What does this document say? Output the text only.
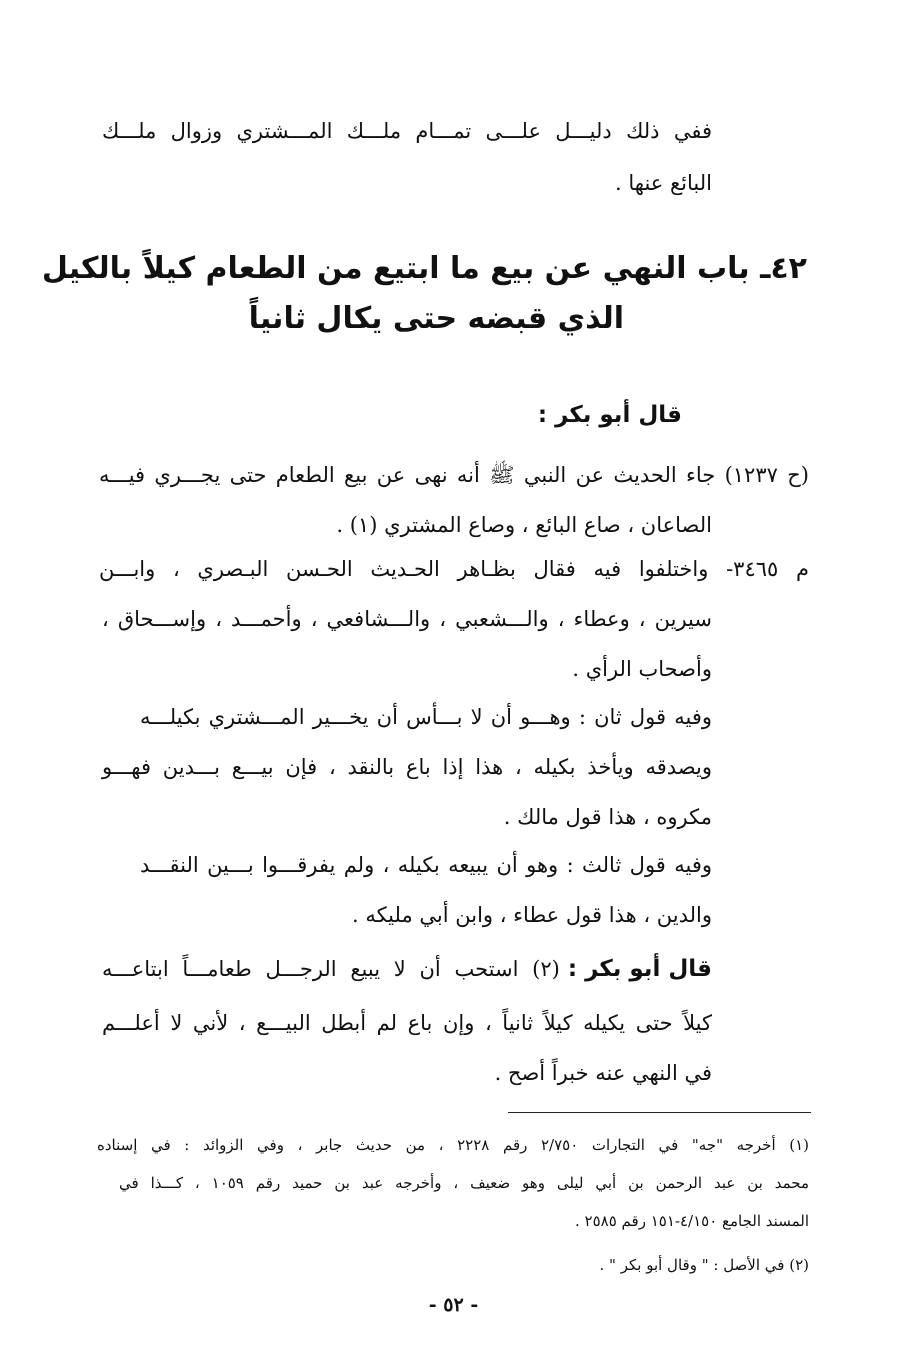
ففي ذلك دليـــل علـــى تمـــام ملـــك المـــشتري وزوال ملـــك
البائع عنها .
٤٢ـ باب النهي عن بيع ما ابتيع من الطعام كيلاً بالكيل
الذي قبضه حتى يكال ثانياً
قال أبو بكر :
(ح ١٢٣٧) جاء الحديث عن النبي ﷺ أنه نهى عن بيع الطعام حتى يجـــري فيـــه
الصاعان ، صاع البائع ، وصاع المشتري (١) .
م ٣٤٦٥- واختلفوا فيه فقال بظـاهر الحـديث الحـسن البـصري ، وابـــن
سيرين ، وعطاء ، والـــشعبي ، والـــشافعي ، وأحمـــد ، وإســـحاق ،
وأصحاب الرأي .
وفيه قول ثان : وهـــو أن لا بـــأس أن يخـــير المـــشتري بكيلـــه
ويصدقه ويأخذ بكيله ، هذا إذا باع بالنقد ، فإن بيـــع بـــدين فهـــو
مكروه ، هذا قول مالك .
وفيه قول ثالث : وهو أن يبيعه بكيله ، ولم يفرقـــوا بـــين النقـــد
والدين ، هذا قول عطاء ، وابن أبي مليكه .
قال أبو بكر :
(٢) استحب أن لا يبيع الرجـــل طعامـــاً ابتاعـــه
كيلاً حتى يكيله كيلاً ثانياً ، وإن باع لم أبطل البيـــع ، لأني لا أعلـــم
في النهي عنه خبراً أصح .
(١) أخرجه "جه" في التجارات ٢/٧٥٠ رقم ٢٢٢٨ ، من حديث جابر ، وفي الزوائد : في إسناده
محمد بن عبد الرحمن بن أبي ليلى وهو ضعيف ، وأخرجه عبد بن حميد رقم ١٠٥٩ ، كـــذا في
المسند الجامع ٤/١٥٠-١٥١ رقم ٢٥٨٥ .
(٢) في الأصل : " وقال أبو بكر " .
- ٥٢ -
